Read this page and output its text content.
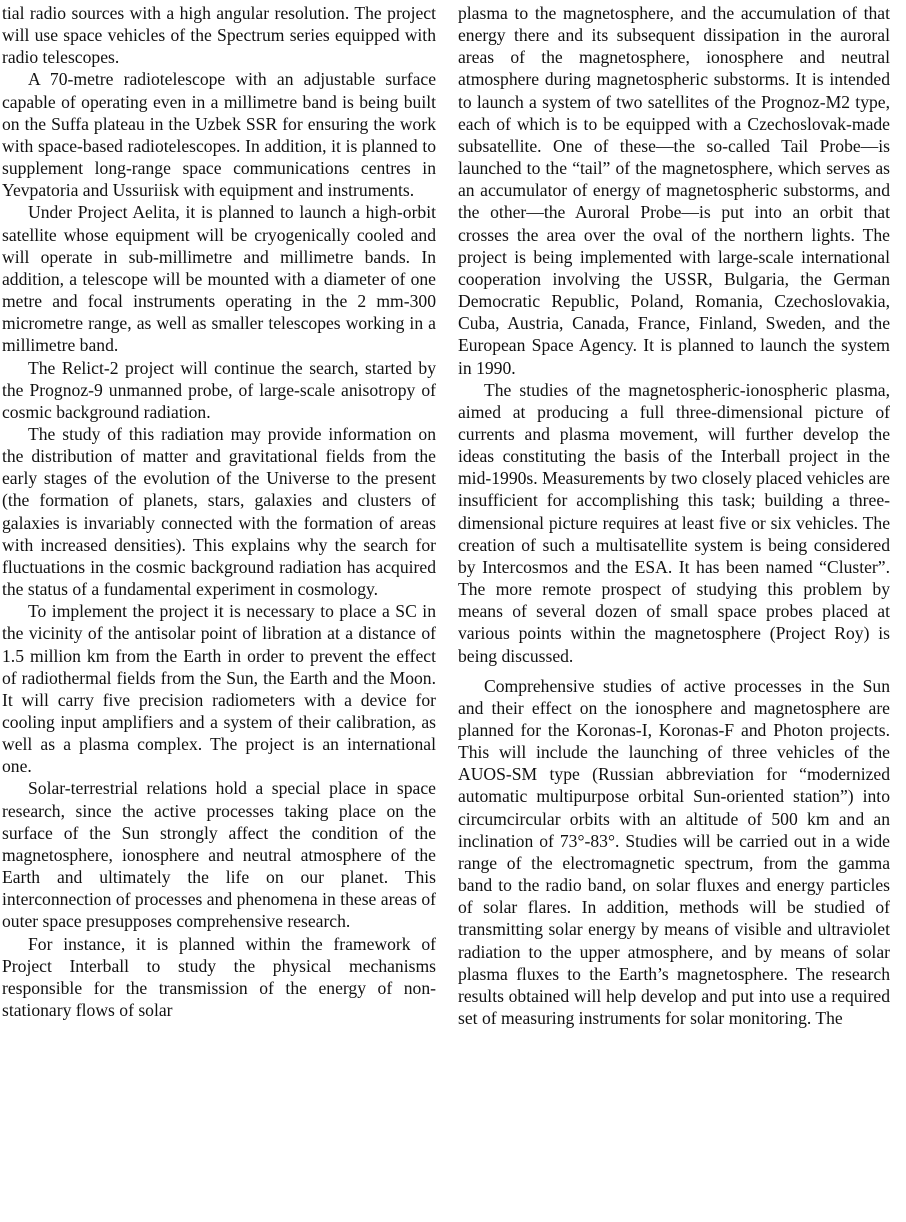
tial radio sources with a high angular resolution. The project will use space vehicles of the Spectrum series equipped with radio telescopes.

A 70-metre radiotelescope with an adjustable surface capable of operating even in a millimetre band is being built on the Suffa plateau in the Uzbek SSR for ensuring the work with space-based radiotelescopes. In addition, it is planned to supplement long-range space communications centres in Yevpatoria and Ussuriisk with equipment and instruments.

Under Project Aelita, it is planned to launch a high-orbit satellite whose equipment will be cryogenically cooled and will operate in sub-millimetre and millimetre bands. In addition, a telescope will be mounted with a diameter of one metre and focal instruments operating in the 2 mm-300 micrometre range, as well as smaller telescopes working in a millimetre band.

The Relict-2 project will continue the search, started by the Prognoz-9 unmanned probe, of large-scale anisotropy of cosmic background radiation.

The study of this radiation may provide information on the distribution of matter and gravitational fields from the early stages of the evolution of the Universe to the present (the formation of planets, stars, galaxies and clusters of galaxies is invariably connected with the formation of areas with increased densities). This explains why the search for fluctuations in the cosmic background radiation has acquired the status of a fundamental experiment in cosmology.

To implement the project it is necessary to place a SC in the vicinity of the antisolar point of libration at a distance of 1.5 million km from the Earth in order to prevent the effect of radiothermal fields from the Sun, the Earth and the Moon. It will carry five precision radiometers with a device for cooling input amplifiers and a system of their calibration, as well as a plasma complex. The project is an international one.

Solar-terrestrial relations hold a special place in space research, since the active processes taking place on the surface of the Sun strongly affect the condition of the magnetosphere, ionosphere and neutral atmosphere of the Earth and ultimately the life on our planet. This interconnection of processes and phenomena in these areas of outer space presupposes comprehensive research.

For instance, it is planned within the framework of Project Interball to study the physical mechanisms responsible for the transmission of the energy of non-stationary flows of solar

plasma to the magnetosphere, and the accumulation of that energy there and its subsequent dissipation in the auroral areas of the magnetosphere, ionosphere and neutral atmosphere during magnetospheric substorms. It is intended to launch a system of two satellites of the Prognoz-M2 type, each of which is to be equipped with a Czechoslovak-made subsatellite. One of these—the so-called Tail Probe—is launched to the “tail” of the magnetosphere, which serves as an accumulator of energy of magnetospheric substorms, and the other—the Auroral Probe—is put into an orbit that crosses the area over the oval of the northern lights. The project is being implemented with large-scale international cooperation involving the USSR, Bulgaria, the German Democratic Republic, Poland, Romania, Czechoslovakia, Cuba, Austria, Canada, France, Finland, Sweden, and the European Space Agency. It is planned to launch the system in 1990.

The studies of the magnetospheric-ionospheric plasma, aimed at producing a full three-dimensional picture of currents and plasma movement, will further develop the ideas constituting the basis of the Interball project in the mid-1990s. Measurements by two closely placed vehicles are insufficient for accomplishing this task; building a three-dimensional picture requires at least five or six vehicles. The creation of such a multisatellite system is being considered by Intercosmos and the ESA. It has been named “Cluster”. The more remote prospect of studying this problem by means of several dozen of small space probes placed at various points within the magnetosphere (Project Roy) is being discussed.

Comprehensive studies of active processes in the Sun and their effect on the ionosphere and magnetosphere are planned for the Koronas-I, Koronas-F and Photon projects. This will include the launching of three vehicles of the AUOS-SM type (Russian abbreviation for “modernized automatic multipurpose orbital Sun-oriented station”) into circumcircular orbits with an altitude of 500 km and an inclination of 73°-83°. Studies will be carried out in a wide range of the electromagnetic spectrum, from the gamma band to the radio band, on solar fluxes and energy particles of solar flares. In addition, methods will be studied of transmitting solar energy by means of visible and ultraviolet radiation to the upper atmosphere, and by means of solar plasma fluxes to the Earth’s magnetosphere. The research results obtained will help develop and put into use a required set of measuring instruments for solar monitoring. The
